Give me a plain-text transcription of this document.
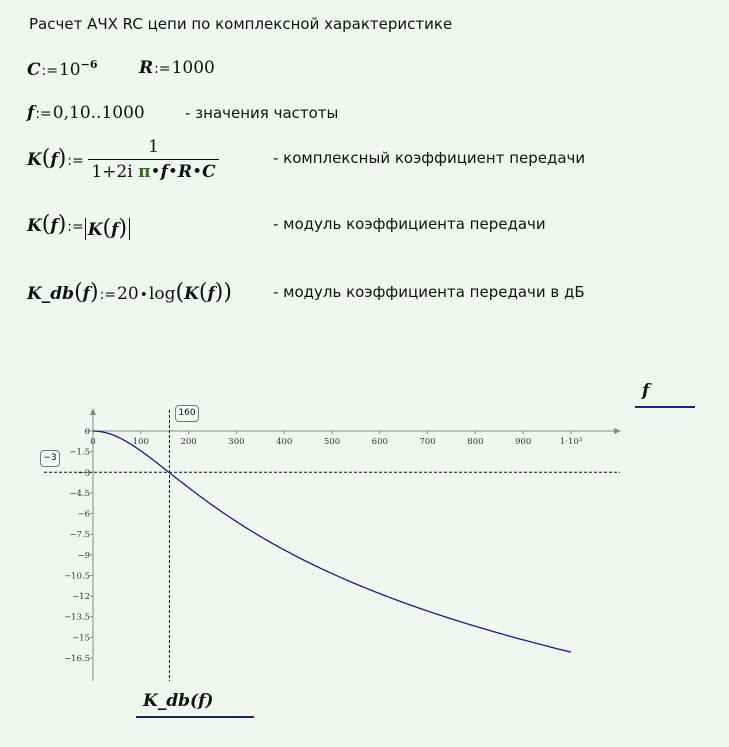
Расчет АЧХ RC цепи по комплексной характеристике
$C:=10^{-6}$ R:=1000
f:=0,10..1000	- значения частоты
K(f):=
1
1+2i π•f•R•C
- комплексный коэффициент передачи
K(f):= K(f)	- модуль коэффициента передачи
K_db(f):=20•log(K(f))	- модуль коэффициента передачи в дБ
0	100	200	300	400	500	600	700	800	900	1·10³
0
−1.5
−3
−4.5
−6
−7.5
−9
−10.5
−12
−13.5
−15
−16.5
160
−3
f
K_db(f)
